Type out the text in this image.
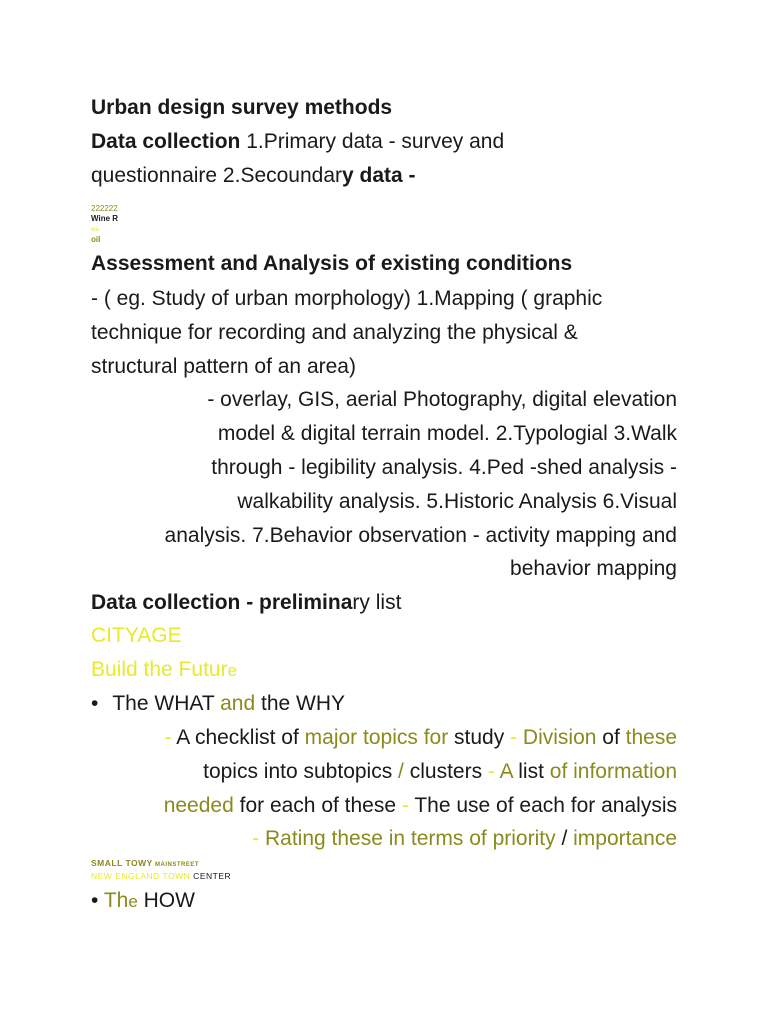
Urban design survey methods
Data collection 1.Primary data - survey and
questionnaire 2.Secoundary data -
222222
Wine R
wa
oil
Assessment and Analysis of existing conditions
- ( eg. Study of urban morphology) 1.Mapping ( graphic
technique for recording and analyzing the physical &
structural pattern of an area)
- overlay, GIS, aerial Photography, digital elevation
model & digital terrain model. 2.Typologial 3.Walk
through - legibility analysis. 4.Ped -shed analysis -
walkability analysis. 5.Historic Analysis 6.Visual
analysis. 7.Behavior observation - activity mapping and
behavior mapping
Data collection - preliminary list
CITYAGE
Build the Future
• The WHAT and the WHY
- A checklist of major topics for study - Division of these
topics into subtopics / clusters - A list of information
needed for each of these - The use of each for analysis
- Rating these in terms of priority / importance
SMALL TOWY MAINSTREET
NEW ENGLAND TOWN CENTER
• The HOW
